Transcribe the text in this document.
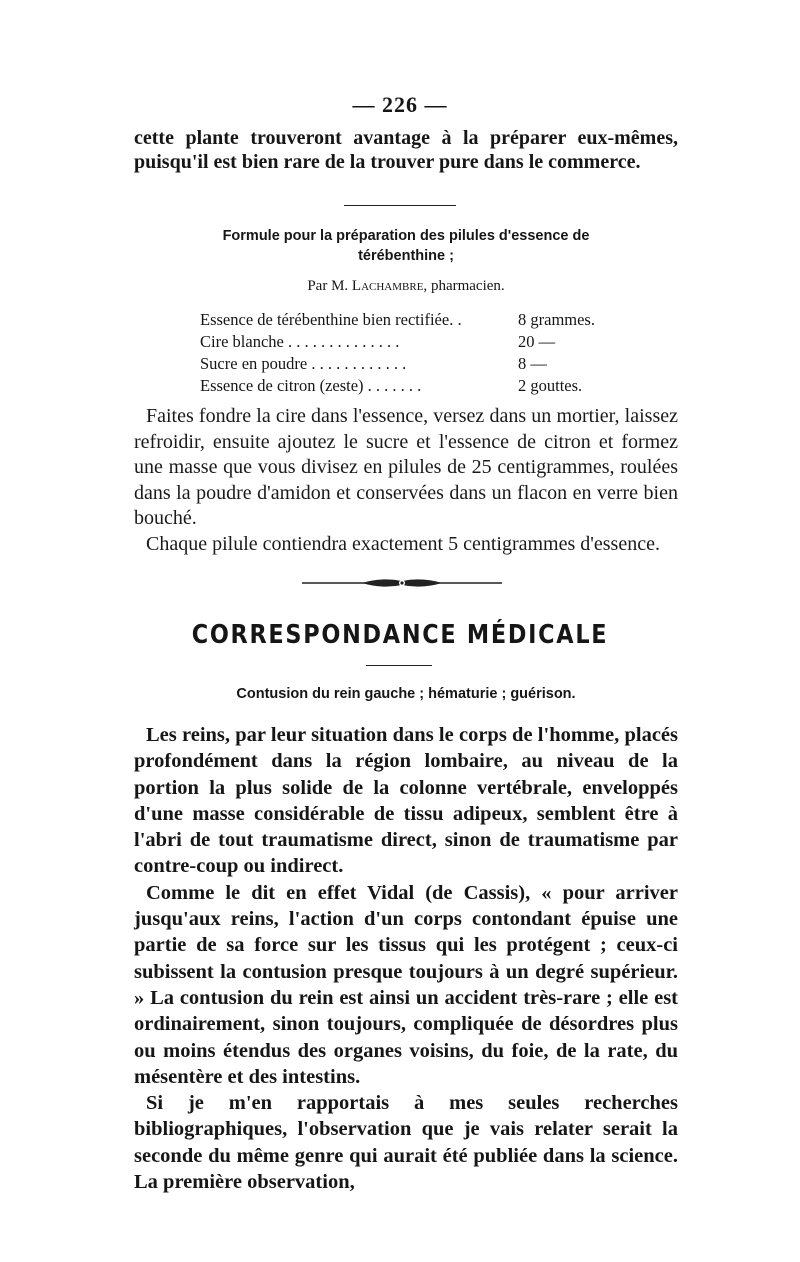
— 226 —
cette plante trouveront avantage à la préparer eux-mêmes, puisqu'il est bien rare de la trouver pure dans le commerce.
Formule pour la préparation des pilules d'essence de
térébenthine ;
Par M. Lachambre, pharmacien.
Essence de térébenthine bien rectifiée. .	8 grammes.
Cire blanche . . . . . . . . . . . . . .	20 —
Sucre en poudre . . . . . . . . . . . .	8 —
Essence de citron (zeste) . . . . . . .	2 gouttes.

Faites fondre la cire dans l'essence, versez dans un mortier, laissez refroidir, ensuite ajoutez le sucre et l'essence de citron et formez une masse que vous divisez en pilules de 25 centigrammes, roulées dans la poudre d'amidon et conservées dans un flacon en verre bien bouché.

Chaque pilule contiendra exactement 5 centigrammes d'essence.

CORRESPONDANCE MÉDICALE
Contusion du rein gauche ; hématurie ; guérison.

Les reins, par leur situation dans le corps de l'homme, placés profondément dans la région lombaire, au niveau de la portion la plus solide de la colonne vertébrale, enveloppés d'une masse considérable de tissu adipeux, semblent être à l'abri de tout traumatisme direct, sinon de traumatisme par contre-coup ou indirect.

Comme le dit en effet Vidal (de Cassis), « pour arriver jusqu'aux reins, l'action d'un corps contondant épuise une partie de sa force sur les tissus qui les protégent ; ceux-ci subissent la contusion presque toujours à un degré supérieur. » La contusion du rein est ainsi un accident très-rare ; elle est ordinairement, sinon toujours, compliquée de désordres plus ou moins étendus des organes voisins, du foie, de la rate, du mésentère et des intestins.

Si je m'en rapportais à mes seules recherches bibliographiques, l'observation que je vais relater serait la seconde du même genre qui aurait été publiée dans la science. La première observation,
